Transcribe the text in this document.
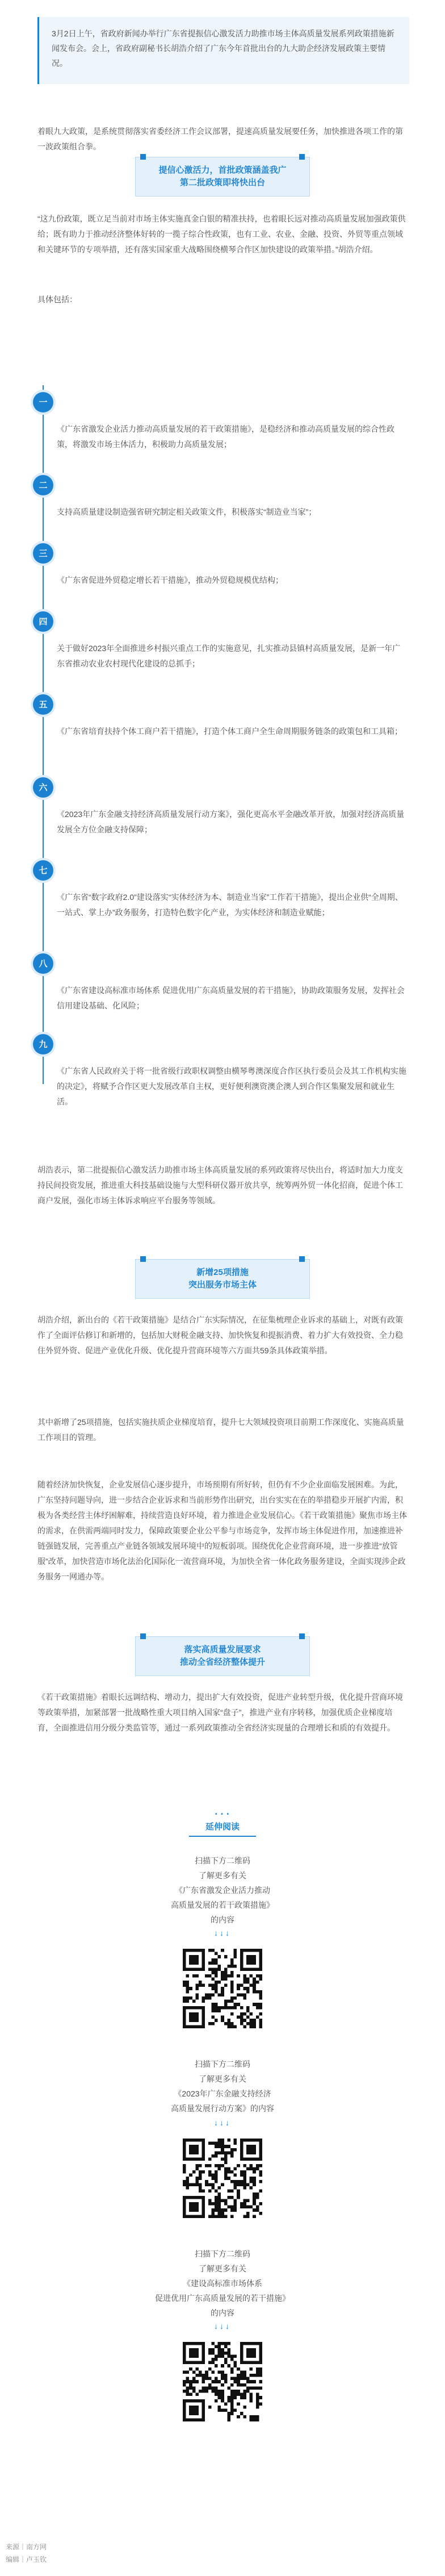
3月2日上午，省政府新闻办举行广东省提振信心激发活力助推市场主体高质量发展系列政策措施新闻发布会。会上，省政府副秘书长胡浩介绍了广东今年首批出台的九大助企经济发展政策主要情况。

着眼九大政策，是系统贯彻落实省委经济工作会议部署，提速高质量发展要任务，加快推进各项工作的第一波政策组合拳。

提信心激活力，首批政策涵盖我广
第二批政策即将快出台

“这九份政策，既立足当前对市场主体实施真金白银的精准扶持，也着眼长远对推动高质量发展加强政策供给；既有助力于推动经济整体好转的一揽子综合性政策，也有工业、农业、金融、投资、外贸等重点领域和关键环节的专项举措，还有落实国家重大战略围绕横琴合作区加快建设的政策举措。”胡浩介绍。

具体包括：

一

《广东省激发企业活力推动高质量发展的若干政策措施》，是稳经济和推动高质量发展的综合性政策，将激发市场主体活力，积极助力高质量发展；

二

支持高质量建设制造强省研究制定相关政策文件，积极落实“制造业当家”；

三

《广东省促进外贸稳定增长若干措施》，推动外贸稳规模优结构；

四

关于做好2023年全面推进乡村振兴重点工作的实施意见，扎实推动县镇村高质量发展，是新一年广东省推动农业农村现代化建设的总抓手；

五

《广东省培育扶持个体工商户若干措施》，打造个体工商户全生命周期服务链条的政策包和工具箱；

六

《2023年广东金融支持经济高质量发展行动方案》，强化更高水平金融改革开放，加强对经济高质量发展全方位金融支持保障；

七

《广东省“数字政府2.0”建设落实“实体经济为本、制造业当家”工作若干措施》，提出企业供“全周期、一站式、掌上办”政务服务，打造特色数字化产业，为实体经济和制造业赋能；

八

《广东省建设高标准市场体系 促进优用广东高质量发展的若干措施》，协助政策服务发展，发挥社会信用建设基础、化风险；

九

《广东省人民政府关于将一批省级行政职权调整由横琴粤澳深度合作区执行委员会及其工作机构实施的决定》，将赋予合作区更大发展改革自主权，更好便利澳资澳企澳人到合作区集聚发展和就业生活。

胡浩表示，第二批提振信心激发活力助推市场主体高质量发展的系列政策将尽快出台，将适时加大力度支持民间投资发展，推进重大科技基础设施与大型科研仪器开放共享，统筹两外贸一体化招商，促进个体工商户发展，强化市场主体诉求响应平台服务等领域。

新增25项措施
突出服务市场主体

胡浩介绍，新出台的《若干政策措施》是结合广东实际情况，在征集梳理企业诉求的基础上，对既有政策作了全面评估修订和新增的，包括加大财税金融支持、加快恢复和提振消费、着力扩大有效投资、全力稳住外贸外资、促进产业优化升级、优化提升营商环境等六方面共59条具体政策举措。

其中新增了25项措施，包括实施扶质企业梯度培育，提升七大领域投资项目前期工作深度化、实施高质量工作项目的管理。

随着经济加快恢复，企业发展信心逐步提升，市场预期有所好转，但仍有不少企业面临发展困难。为此，广东坚持问题导向，进一步结合企业诉求和当前形势作出研究，出台实实在在的举措稳步开展扩内需，积极为各类经营主体纾困解难，持续营造良好环境，着力推进企业发展信心。《若干政策措施》聚焦市场主体的需求，在供需两端同时发力，保障政策要企业公平参与市场竞争，发挥市场主体促进作用，加速推进补链强链发展，完善重点产业链各领域发展环境中的短板弱项。围绕优化企业营商环境，进一步推进“放管服”改革，加快营造市场化法治化国际化一流营商环境，为加快全省一体化政务服务建设，全面实现涉企政务服务一网通办等。

落实高质量发展要求
推动全省经济整体提升

《若干政策措施》着眼长远调结构、增动力，提出扩大有效投资，促进产业转型升级，优化提升营商环境等政策举措，加紧部署一批战略性重大项目纳入国家“盘子”，推进产业有序转移，加强优质企业梯度培育，全面推进信用分级分类监管等，通过一系列政策推动全省经济实现量的合理增长和质的有效提升。

• • •
延伸阅读
扫描下方二维码
了解更多有关
《广东省激发企业活力推动
高质量发展的若干政策措施》
的内容
↓↓↓
扫描下方二维码
了解更多有关
《2023年广东金融支持经济
高质量发展行动方案》的内容
↓↓↓
扫描下方二维码
了解更多有关
《建设高标准市场体系
促进优用广东高质量发展的若干措施》
的内容
↓↓↓
来源｜南方网
编辑｜卢玉钦
